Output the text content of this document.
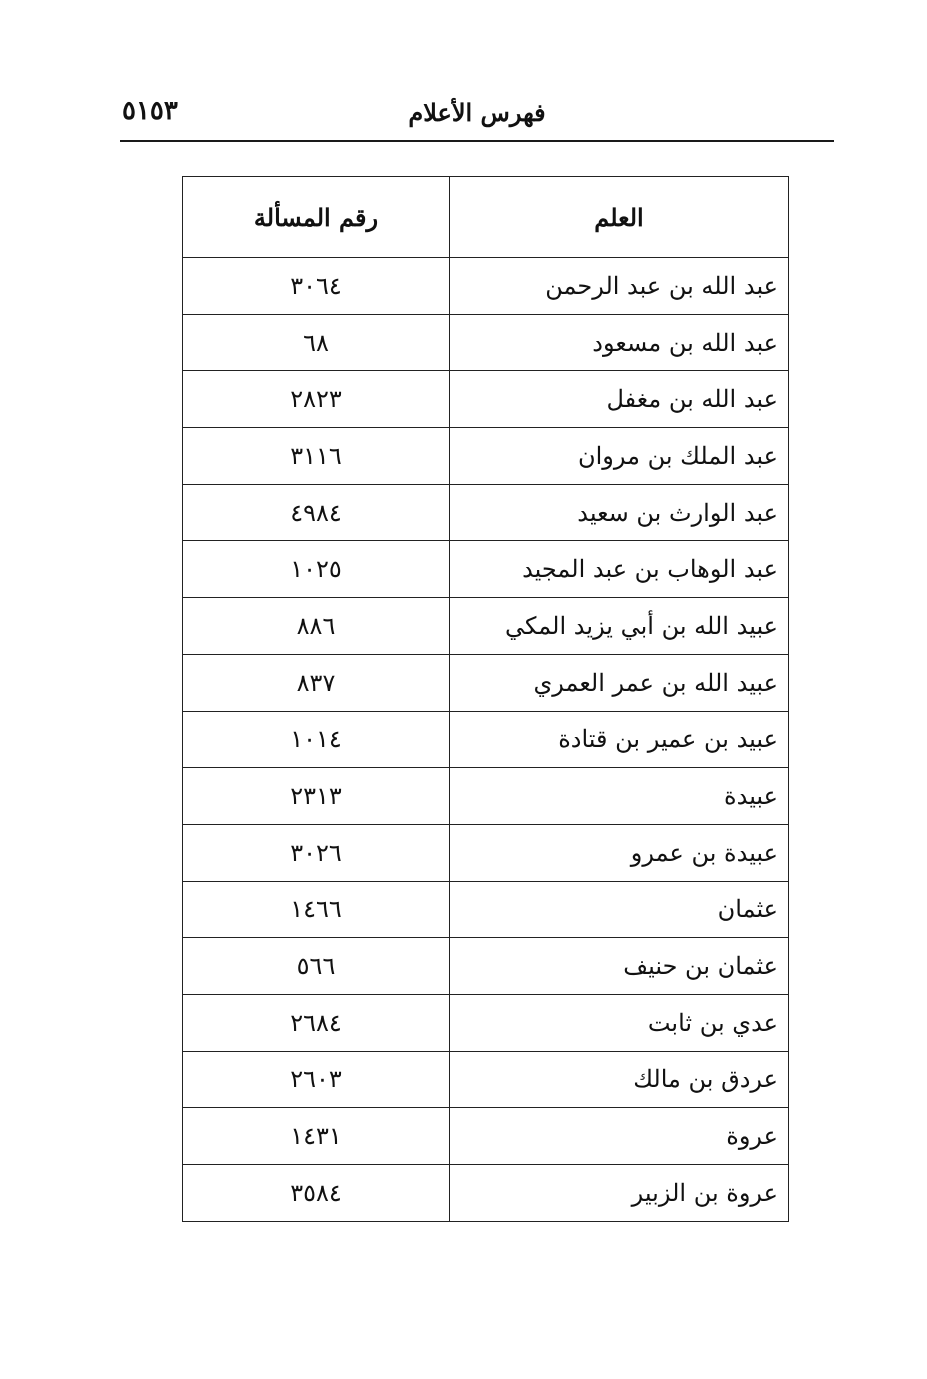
فهرس الأعلام
٥١٥٣
العلم	رقم المسألة
عبد الله بن عبد الرحمن	٣٠٦٤
عبد الله بن مسعود	٦٨
عبد الله بن مغفل	٢٨٢٣
عبد الملك بن مروان	٣١١٦
عبد الوارث بن سعيد	٤٩٨٤
عبد الوهاب بن عبد المجيد	١٠٢٥
عبيد الله بن أبي يزيد المكي	٨٨٦
عبيد الله بن عمر العمري	٨٣٧
عبيد بن عمير بن قتادة	١٠١٤
عبيدة	٢٣١٣
عبيدة بن عمرو	٣٠٢٦
عثمان	١٤٦٦
عثمان بن حنيف	٥٦٦
عدي بن ثابت	٢٦٨٤
عردق بن مالك	٢٦٠٣
عروة	١٤٣١
عروة بن الزبير	٣٥٨٤
